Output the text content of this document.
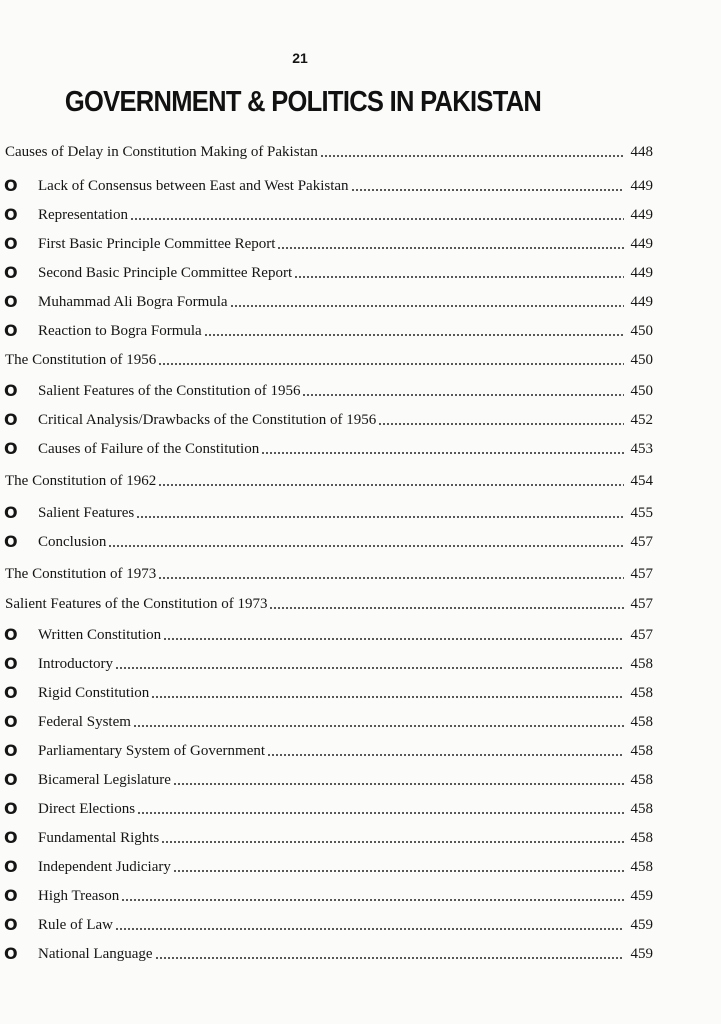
21
GOVERNMENT & POLITICS IN PAKISTAN
Causes of Delay in Constitution Making of Pakistan	448
O	Lack of Consensus between East and West Pakistan	449
O	Representation	449
O	First Basic Principle Committee Report	449
O	Second Basic Principle Committee Report	449
O	Muhammad Ali Bogra Formula	449
O	Reaction to Bogra Formula	450
The Constitution of 1956	450
O	Salient Features of the Constitution of 1956	450
O	Critical Analysis/Drawbacks of the Constitution of 1956	452
O	Causes of Failure of the Constitution	453
The Constitution of 1962	454
O	Salient Features	455
O	Conclusion	457
The Constitution of 1973	457
Salient Features of the Constitution of 1973	457
O	Written Constitution	457
O	Introductory	458
O	Rigid Constitution	458
O	Federal System	458
O	Parliamentary System of Government	458
O	Bicameral Legislature	458
O	Direct Elections	458
O	Fundamental Rights	458
O	Independent Judiciary	458
O	High Treason	459
O	Rule of Law	459
O	National Language	459
